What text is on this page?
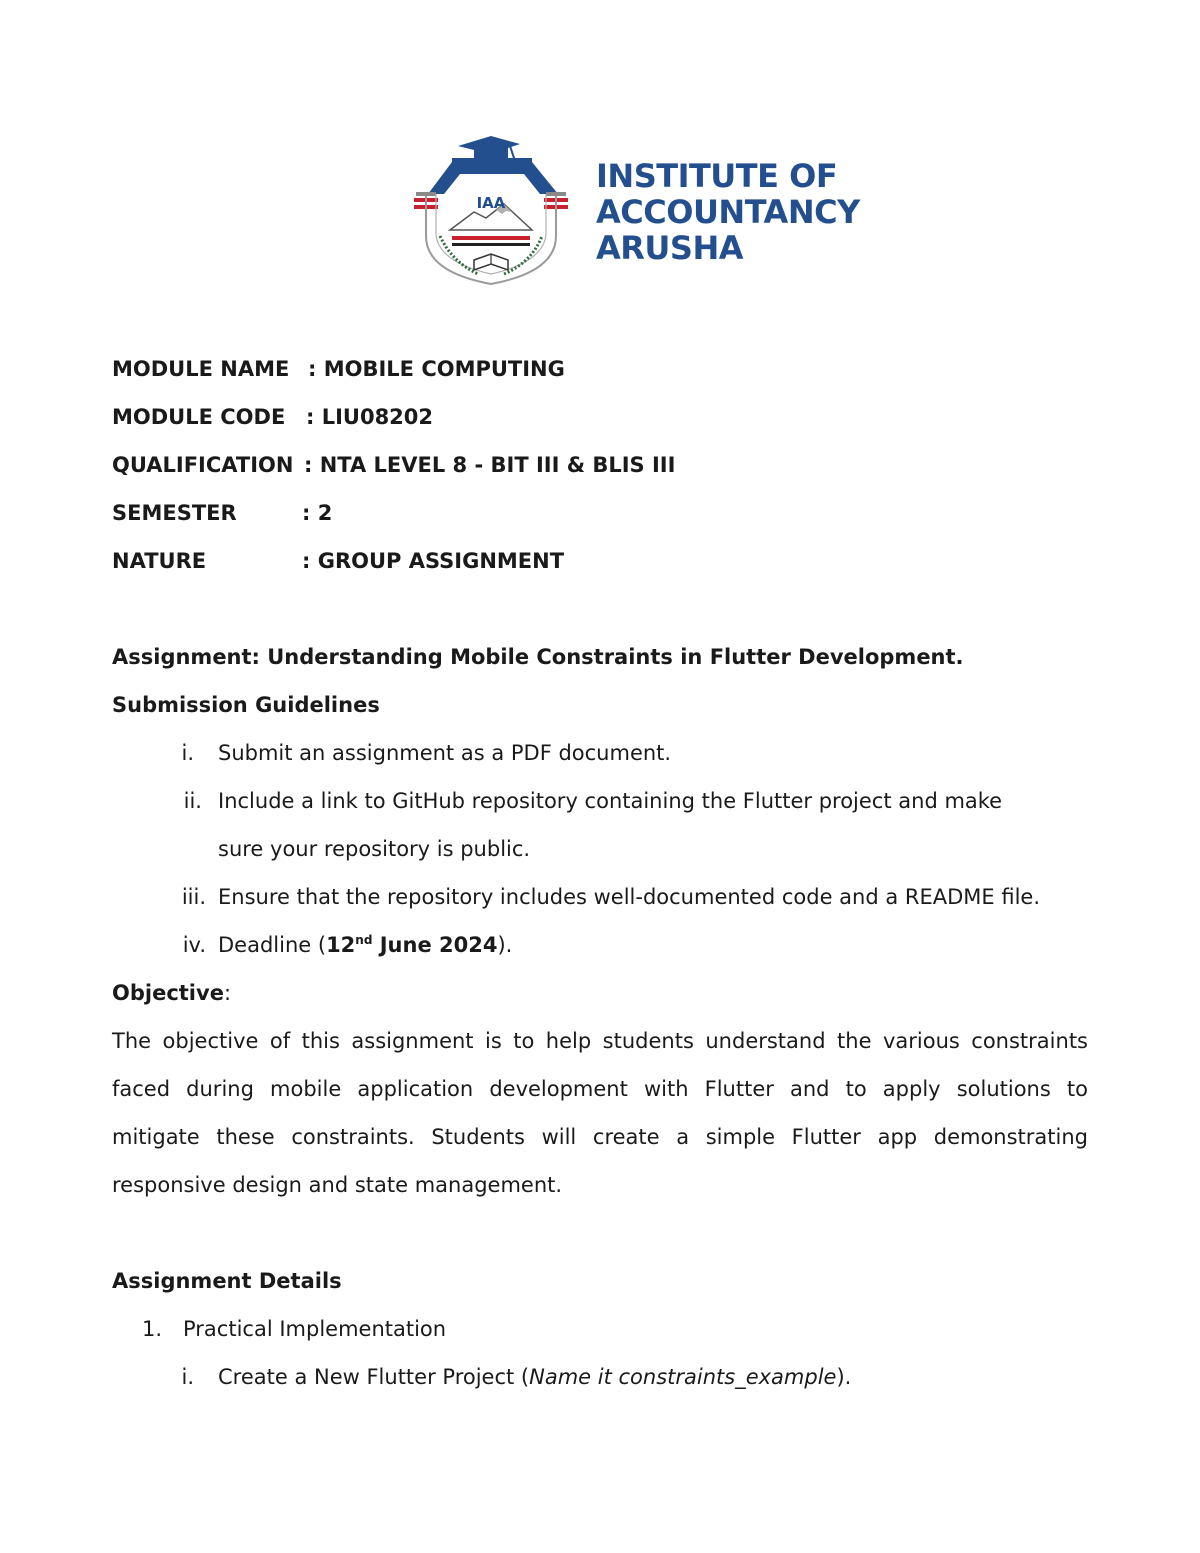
IAA
INSTITUTE OF
ACCOUNTANCY
ARUSHA
MODULE NAME : MOBILE COMPUTING
MODULE CODE : LIU08202
QUALIFICATION : NTA LEVEL 8 - BIT III & BLIS III
SEMESTER	: 2
NATURE	: GROUP ASSIGNMENT
Assignment: Understanding Mobile Constraints in Flutter Development.
Submission Guidelines
i. Submit an assignment as a PDF document.
ii. Include a link to GitHub repository containing the Flutter project and make
sure your repository is public.
iii. Ensure that the repository includes well-documented code and a README file.
iv. Deadline (12nd June 2024).
Objective:
The objective of this assignment is to help students understand the various constraints
faced during mobile application development with Flutter and to apply solutions to
mitigate these constraints. Students will create a simple Flutter app demonstrating
responsive design and state management.
Assignment Details
1. Practical Implementation
i. Create a New Flutter Project (Name it constraints_example).
